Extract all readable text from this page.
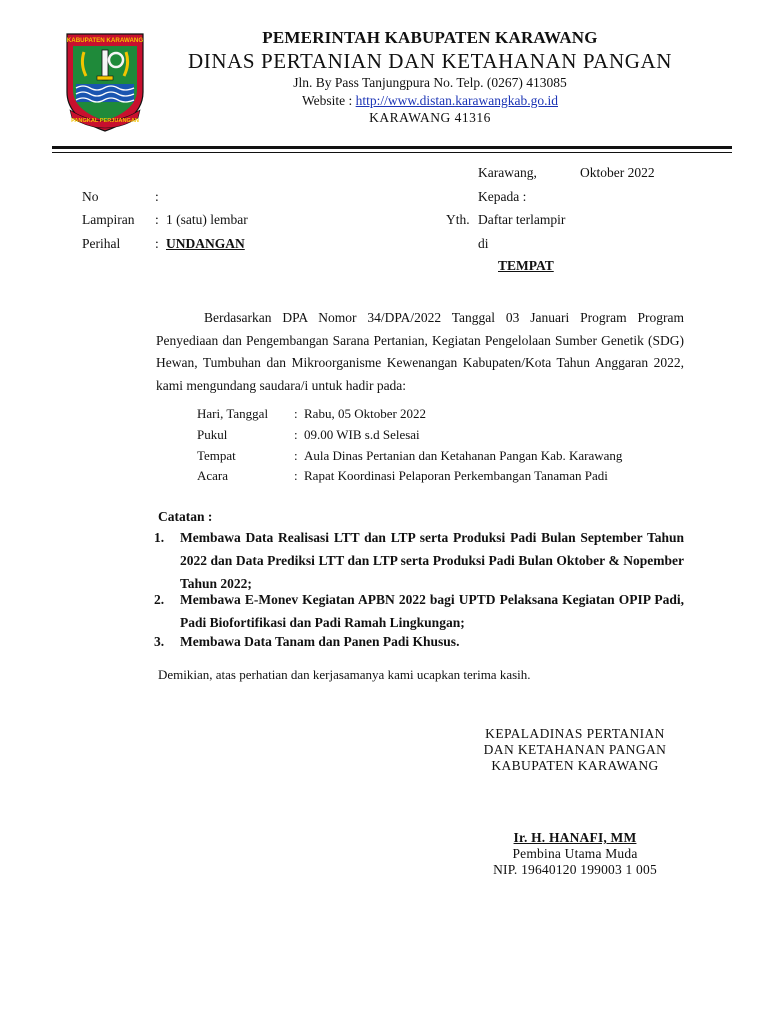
KABUPATEN KARAWANG
PANGKAL PERJUANGAN
PEMERINTAH KABUPATEN KARAWANG
DINAS PERTANIAN DAN KETAHANAN PANGAN
Jln. By Pass Tanjungpura No. Telp. (0267) 413085
Website : http://www.distan.karawangkab.go.id
KARAWANG 41316
Karawang,	Oktober 2022
No	:
Lampiran : 1 (satu) lembar
Perihal	: UNDANGAN
Kepada :
Yth. Daftar terlampir
di
TEMPAT
Berdasarkan DPA Nomor 34/DPA/2022 Tanggal 03 Januari Program Program Penyediaan dan Pengembangan Sarana Pertanian, Kegiatan Pengelolaan Sumber Genetik (SDG) Hewan, Tumbuhan dan Mikroorganisme Kewenangan Kabupaten/Kota Tahun Anggaran 2022, kami mengundang saudara/i untuk hadir pada:
Hari, Tanggal : Rabu, 05 Oktober 2022
Pukul	: 09.00 WIB s.d Selesai
Tempat	: Aula Dinas Pertanian dan Ketahanan Pangan Kab. Karawang
Acara	: Rapat Koordinasi Pelaporan Perkembangan Tanaman Padi
Catatan :
1. Membawa Data Realisasi LTT dan LTP serta Produksi Padi Bulan September Tahun 2022 dan Data Prediksi LTT dan LTP serta Produksi Padi Bulan Oktober & Nopember Tahun 2022;
2. Membawa E-Monev Kegiatan APBN 2022 bagi UPTD Pelaksana Kegiatan OPIP Padi, Padi Biofortifikasi dan Padi Ramah Lingkungan;
3. Membawa Data Tanam dan Panen Padi Khusus.
Demikian, atas perhatian dan kerjasamanya kami ucapkan terima kasih.
KEPALADINAS PERTANIAN
DAN KETAHANAN PANGAN
KABUPATEN KARAWANG
Ir. H. HANAFI, MM
Pembina Utama Muda
NIP. 19640120 199003 1 005
